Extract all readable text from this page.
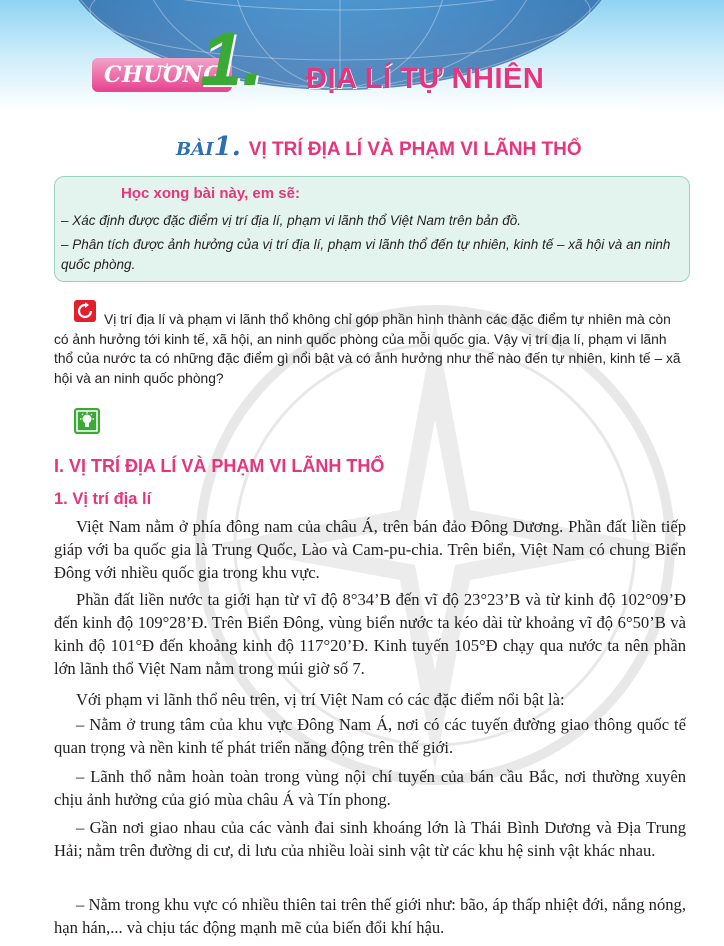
CHƯƠNG
1. ĐỊA LÍ TỰ NHIÊN
BÀI1. VỊ TRÍ ĐỊA LÍ VÀ PHẠM VI LÃNH THỔ
Học xong bài này, em sẽ:
– Xác định được đặc điểm vị trí địa lí, phạm vi lãnh thổ Việt Nam trên bản đồ.
– Phân tích được ảnh hưởng của vị trí địa lí, phạm vi lãnh thổ đến tự nhiên, kinh tế – xã hội và an ninh quốc phòng.
Vị trí địa lí và phạm vi lãnh thổ không chỉ góp phần hình thành các đặc điểm tự nhiên mà còn có ảnh hưởng tới kinh tế, xã hội, an ninh quốc phòng của mỗi quốc gia. Vậy vị trí địa lí, phạm vi lãnh thổ của nước ta có những đặc điểm gì nổi bật và có ảnh hưởng như thế nào đến tự nhiên, kinh tế – xã hội và an ninh quốc phòng?
I. VỊ TRÍ ĐỊA LÍ VÀ PHẠM VI LÃNH THỔ
1. Vị trí địa lí
Việt Nam nằm ở phía đông nam của châu Á, trên bán đảo Đông Dương. Phần đất liền tiếp giáp với ba quốc gia là Trung Quốc, Lào và Cam-pu-chia. Trên biển, Việt Nam có chung Biển Đông với nhiều quốc gia trong khu vực.
Phần đất liền nước ta giới hạn từ vĩ độ 8°34’B đến vĩ độ 23°23’B và từ kinh độ 102°09’Đ đến kinh độ 109°28’Đ. Trên Biển Đông, vùng biển nước ta kéo dài từ khoảng vĩ độ 6°50’B và kinh độ 101°Đ đến khoảng kinh độ 117°20’Đ. Kinh tuyến 105°Đ chạy qua nước ta nên phần lớn lãnh thổ Việt Nam nằm trong múi giờ số 7.
Với phạm vi lãnh thổ nêu trên, vị trí Việt Nam có các đặc điểm nổi bật là:
– Nằm ở trung tâm của khu vực Đông Nam Á, nơi có các tuyến đường giao thông quốc tế quan trọng và nền kinh tế phát triển năng động trên thế giới.
– Lãnh thổ nằm hoàn toàn trong vùng nội chí tuyến của bán cầu Bắc, nơi thường xuyên chịu ảnh hưởng của gió mùa châu Á và Tín phong.
– Gần nơi giao nhau của các vành đai sinh khoáng lớn là Thái Bình Dương và Địa Trung Hải; nằm trên đường di cư, di lưu của nhiều loài sinh vật từ các khu hệ sinh vật khác nhau.
– Nằm trong khu vực có nhiều thiên tai trên thế giới như: bão, áp thấp nhiệt đới, nắng nóng, hạn hán,... và chịu tác động mạnh mẽ của biến đổi khí hậu.
